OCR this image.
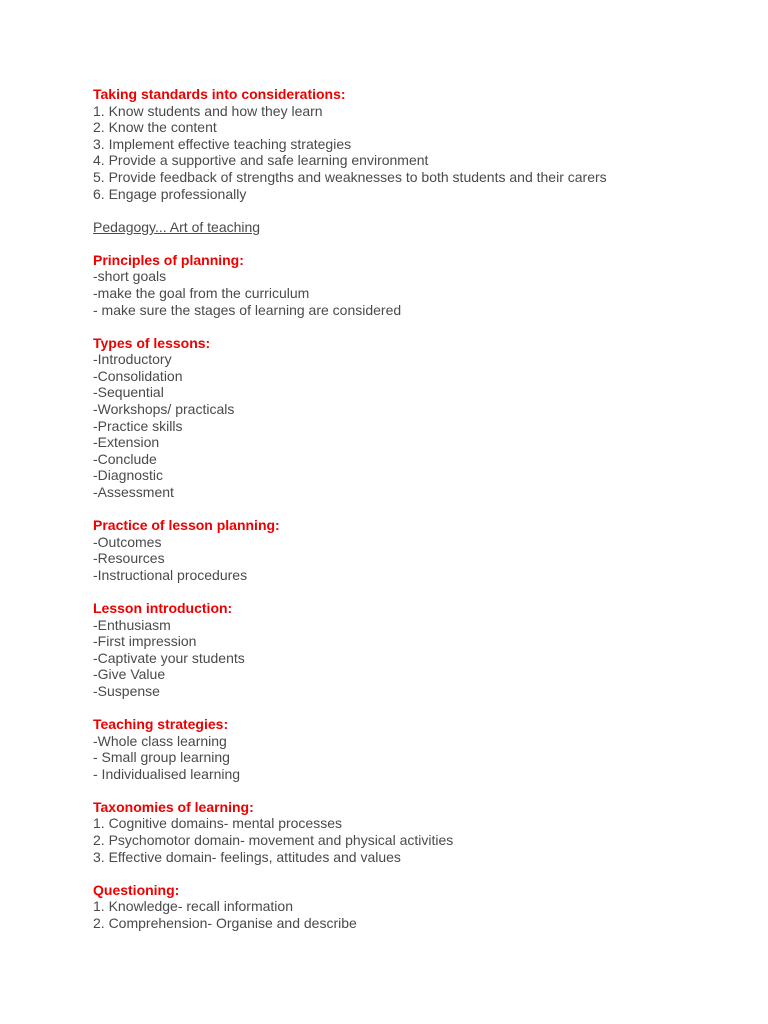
Taking standards into considerations:

1. Know students and how they learn

2. Know the content

3. Implement effective teaching strategies

4. Provide a supportive and safe learning environment

5. Provide feedback of strengths and weaknesses to both students and their carers

6. Engage professionally

Pedagogy... Art of teaching

Principles of planning:

-short goals

-make the goal from the curriculum

- make sure the stages of learning are considered

Types of lessons:

-Introductory

-Consolidation

-Sequential

-Workshops/ practicals

-Practice skills

-Extension

-Conclude

-Diagnostic

-Assessment

Practice of lesson planning:

-Outcomes

-Resources

-Instructional procedures

Lesson introduction:

-Enthusiasm

-First impression

-Captivate your students

-Give Value

-Suspense

Teaching strategies:

-Whole class learning

- Small group learning

- Individualised learning

Taxonomies of learning:

1. Cognitive domains- mental processes

2. Psychomotor domain- movement and physical activities

3. Effective domain- feelings, attitudes and values

Questioning:

1. Knowledge- recall information

2. Comprehension- Organise and describe
